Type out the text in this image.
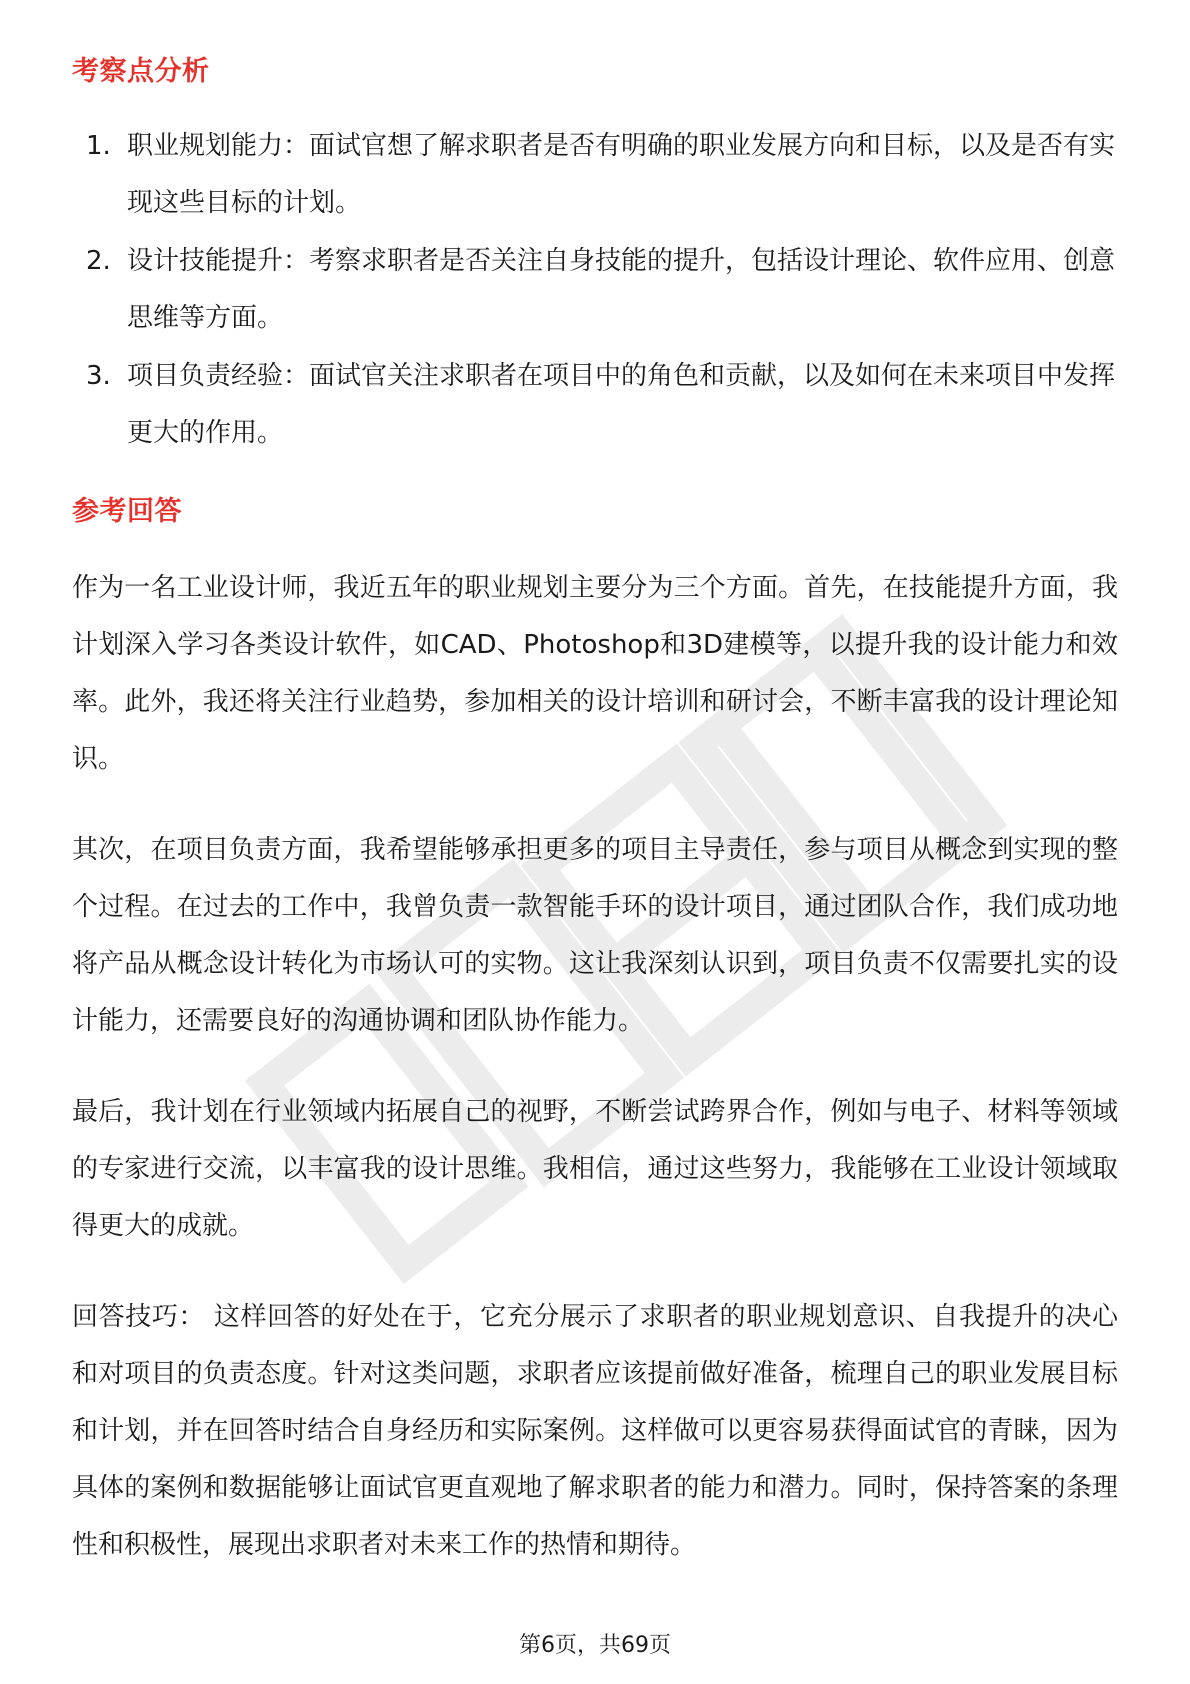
考察点分析
1. 职业规划能力：面试官想了解求职者是否有明确的职业发展方向和目标，以及是否有实现这些目标的计划。
2. 设计技能提升：考察求职者是否关注自身技能的提升，包括设计理论、软件应用、创意思维等方面。
3. 项目负责经验：面试官关注求职者在项目中的角色和贡献，以及如何在未来项目中发挥更大的作用。
参考回答

作为一名工业设计师，我近五年的职业规划主要分为三个方面。首先，在技能提升方面，我计划深入学习各类设计软件，如CAD、Photoshop和3D建模等，以提升我的设计能力和效率。此外，我还将关注行业趋势，参加相关的设计培训和研讨会，不断丰富我的设计理论知识。

其次，在项目负责方面，我希望能够承担更多的项目主导责任，参与项目从概念到实现的整个过程。在过去的工作中，我曾负责一款智能手环的设计项目，通过团队合作，我们成功地将产品从概念设计转化为市场认可的实物。这让我深刻认识到，项目负责不仅需要扎实的设计能力，还需要良好的沟通协调和团队协作能力。

最后，我计划在行业领域内拓展自己的视野，不断尝试跨界合作，例如与电子、材料等领域的专家进行交流，以丰富我的设计思维。我相信，通过这些努力，我能够在工业设计领域取得更大的成就。

回答技巧： 这样回答的好处在于，它充分展示了求职者的职业规划意识、自我提升的决心和对项目的负责态度。针对这类问题，求职者应该提前做好准备，梳理自己的职业发展目标和计划，并在回答时结合自身经历和实际案例。这样做可以更容易获得面试官的青睐，因为具体的案例和数据能够让面试官更直观地了解求职者的能力和潜力。同时，保持答案的条理性和积极性，展现出求职者对未来工作的热情和期待。

第6页，共69页
